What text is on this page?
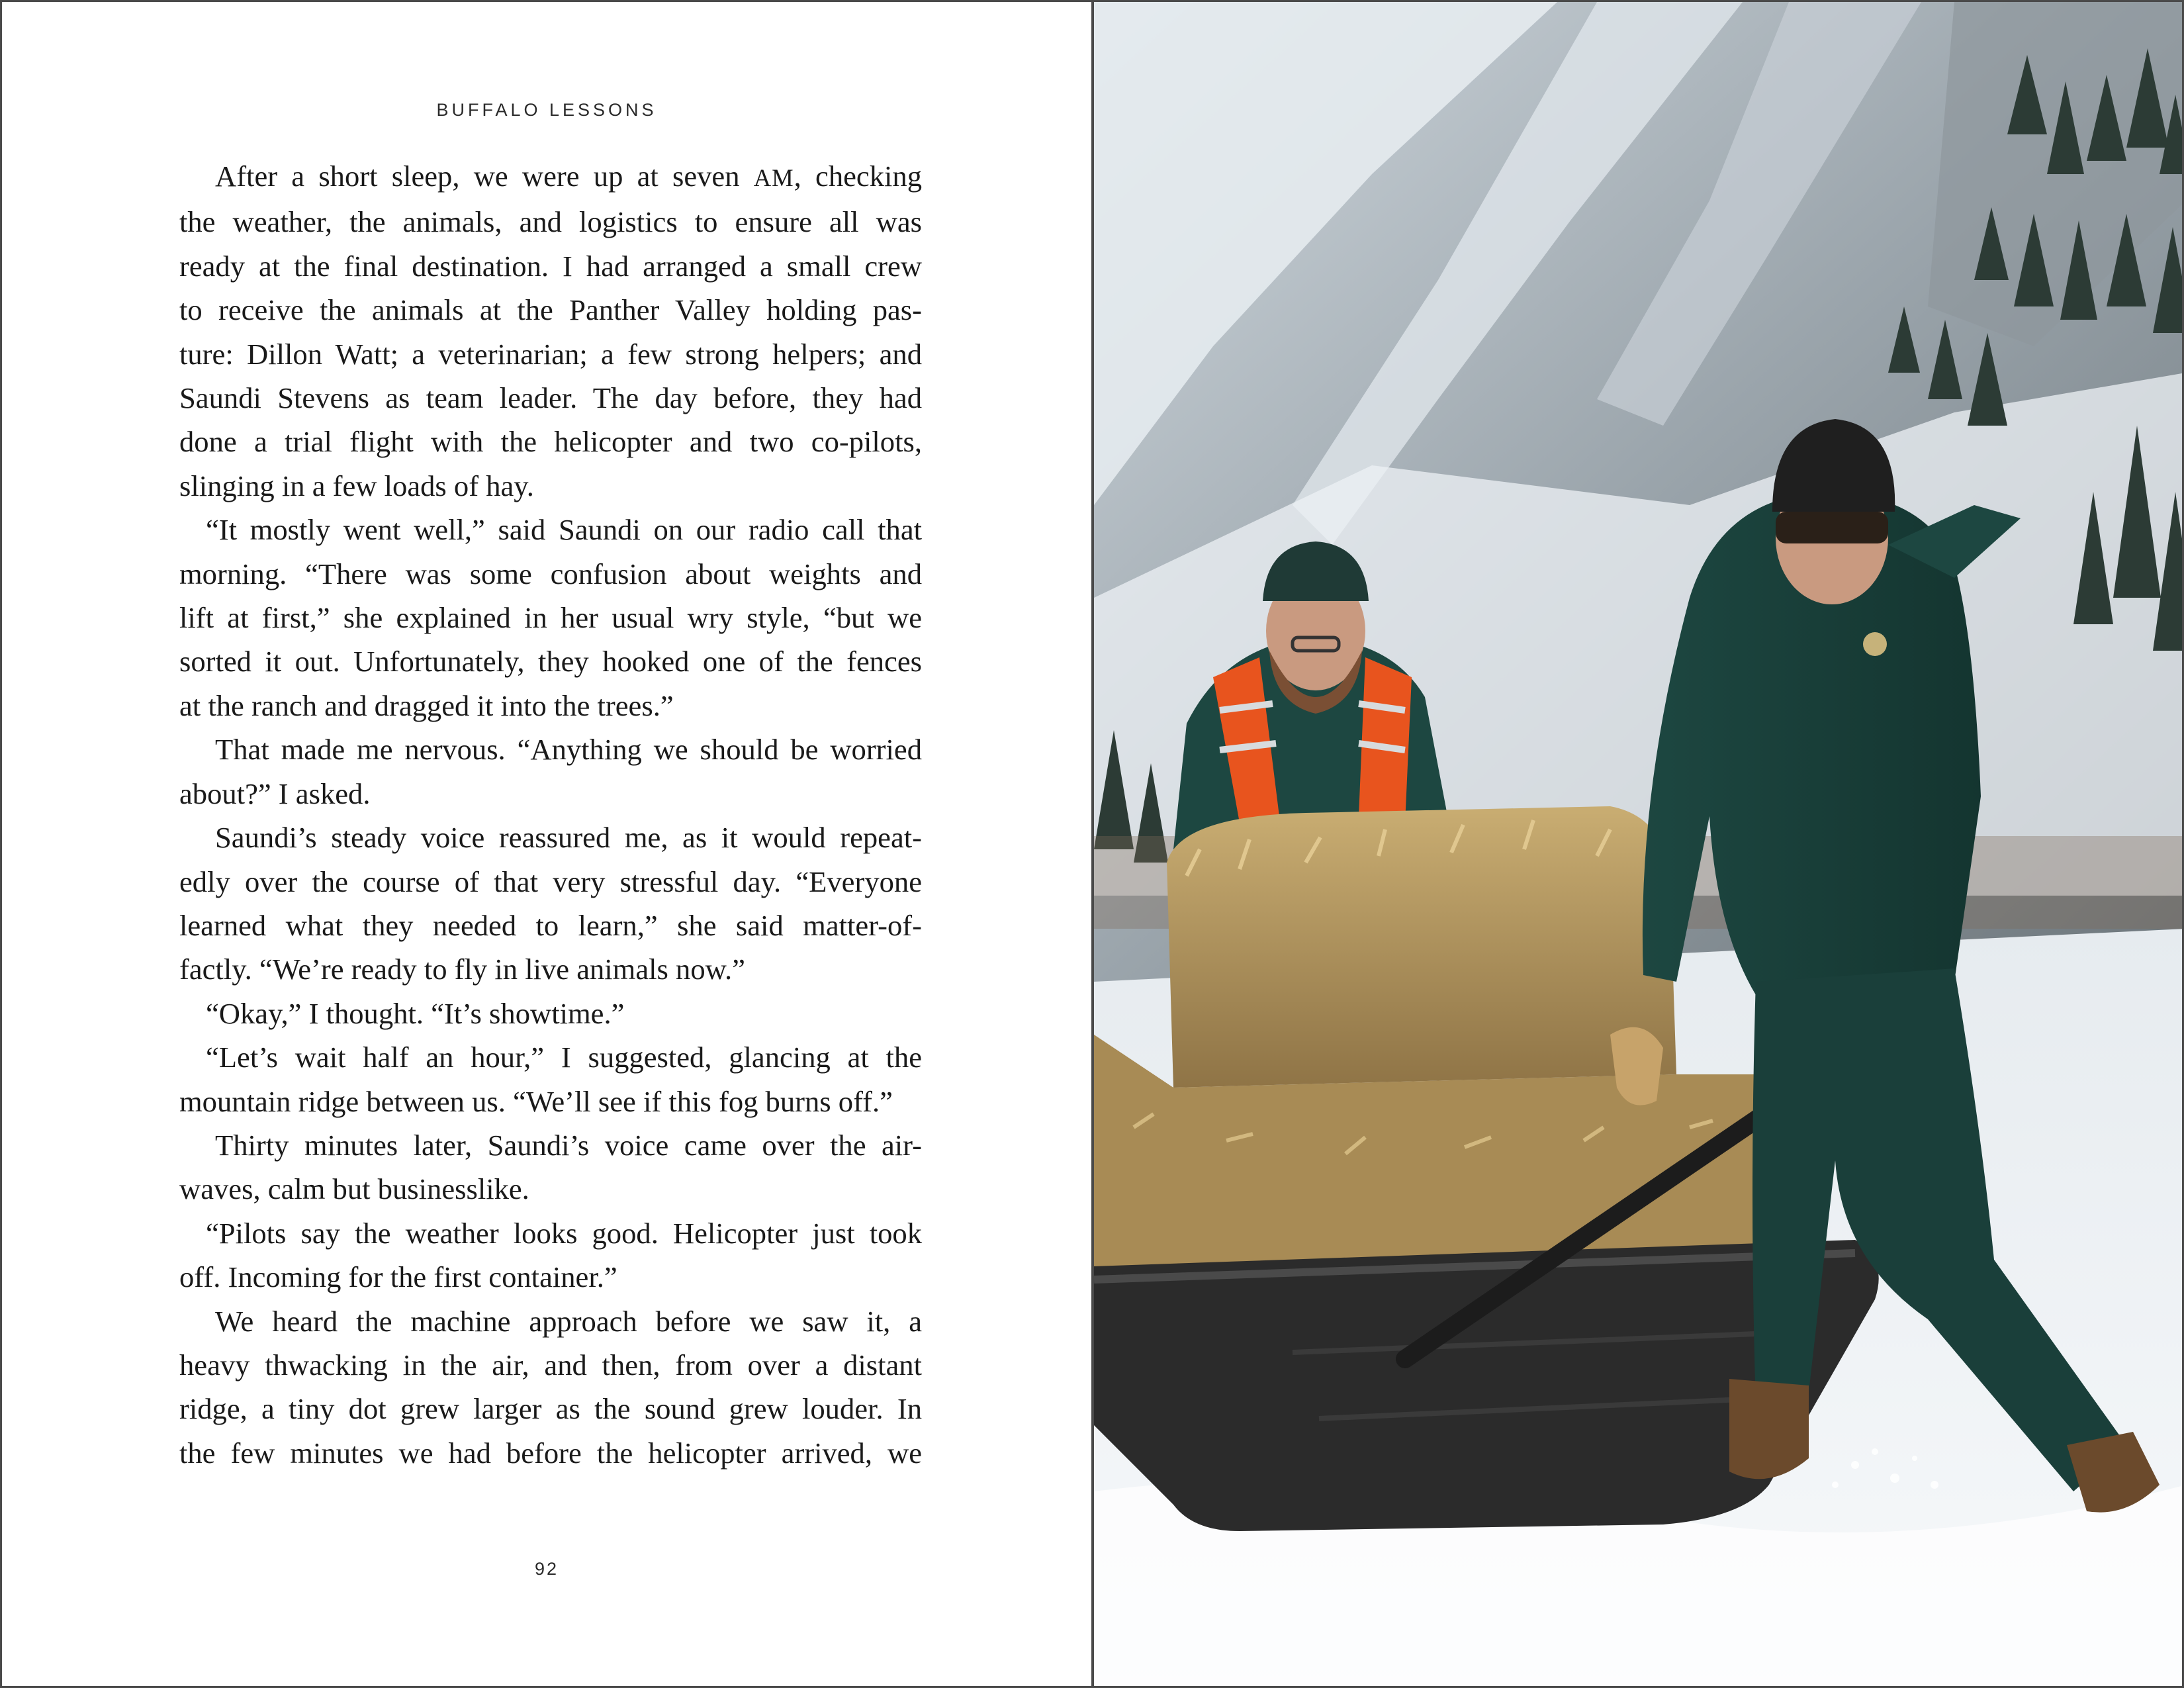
BUFFALO LESSONS
After a short sleep, we were up at seven AM, checking
the weather, the animals, and logistics to ensure all was
ready at the final destination. I had arranged a small crew
to receive the animals at the Panther Valley holding pas-
ture: Dillon Watt; a veterinarian; a few strong helpers; and
Saundi Stevens as team leader. The day before, they had
done a trial flight with the helicopter and two co-pilots,
slinging in a few loads of hay.
“It mostly went well,” said Saundi on our radio call that
morning. “There was some confusion about weights and
lift at first,” she explained in her usual wry style, “but we
sorted it out. Unfortunately, they hooked one of the fences
at the ranch and dragged it into the trees.”
That made me nervous. “Anything we should be worried
about?” I asked.
Saundi’s steady voice reassured me, as it would repeat-
edly over the course of that very stressful day. “Everyone
learned what they needed to learn,” she said matter-of-
factly. “We’re ready to fly in live animals now.”
“Okay,” I thought. “It’s showtime.”
“Let’s wait half an hour,” I suggested, glancing at the
mountain ridge between us. “We’ll see if this fog burns off.”
Thirty minutes later, Saundi’s voice came over the air-
waves, calm but businesslike.
“Pilots say the weather looks good. Helicopter just took
off. Incoming for the first container.”
We heard the machine approach before we saw it, a
heavy thwacking in the air, and then, from over a distant
ridge, a tiny dot grew larger as the sound grew louder. In
the few minutes we had before the helicopter arrived, we
92
